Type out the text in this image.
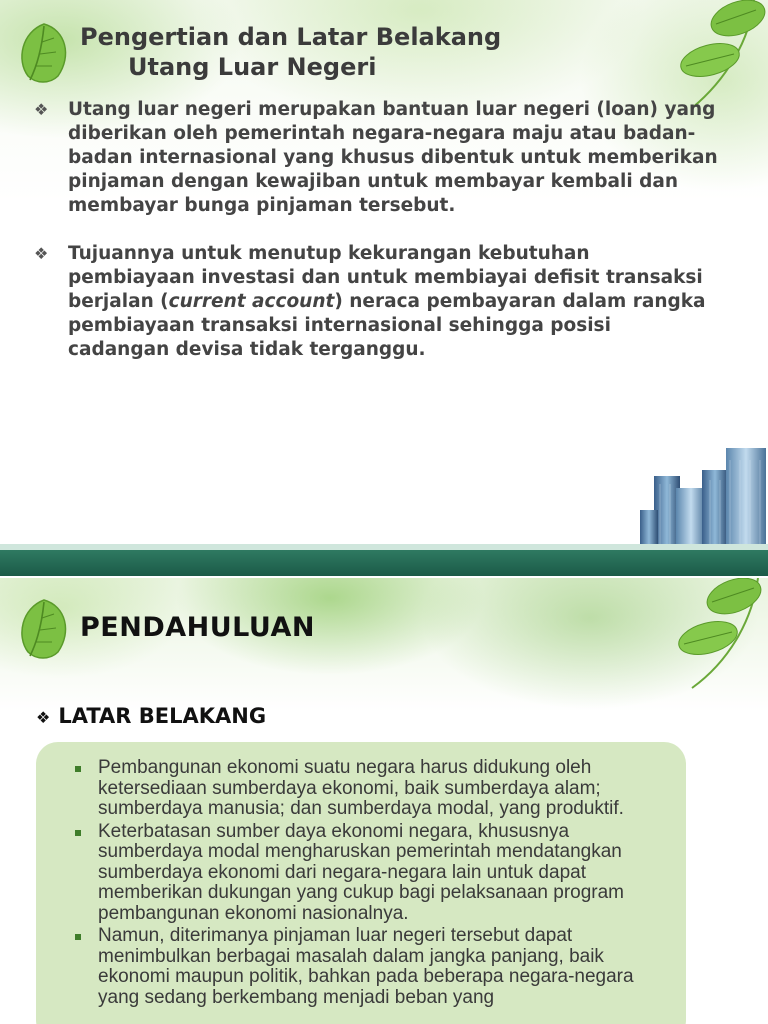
Pengertian dan Latar Belakang
Utang Luar Negeri
❖	Utang luar negeri merupakan bantuan luar negeri (loan) yang diberikan oleh pemerintah negara-negara maju atau badan-badan internasional yang khusus dibentuk untuk memberikan pinjaman dengan kewajiban untuk membayar kembali dan membayar bunga pinjaman tersebut.
❖	Tujuannya untuk menutup kekurangan kebutuhan pembiayaan investasi dan untuk membiayai defisit transaksi berjalan (current account) neraca pembayaran dalam rangka pembiayaan transaksi internasional sehingga posisi cadangan devisa tidak terganggu.
PENDAHULUAN
❖ LATAR BELAKANG
Pembangunan ekonomi suatu negara harus didukung oleh ketersediaan sumberdaya ekonomi, baik sumberdaya alam; sumberdaya manusia; dan sumberdaya modal, yang produktif.
Keterbatasan sumber daya ekonomi negara, khususnya sumberdaya modal mengharuskan pemerintah mendatangkan sumberdaya ekonomi dari negara-negara lain untuk dapat memberikan dukungan yang cukup bagi pelaksanaan program pembangunan ekonomi nasionalnya.
Namun, diterimanya pinjaman luar negeri tersebut dapat menimbulkan berbagai masalah dalam jangka panjang, baik ekonomi maupun politik, bahkan pada beberapa negara-negara yang sedang berkembang menjadi beban yang
